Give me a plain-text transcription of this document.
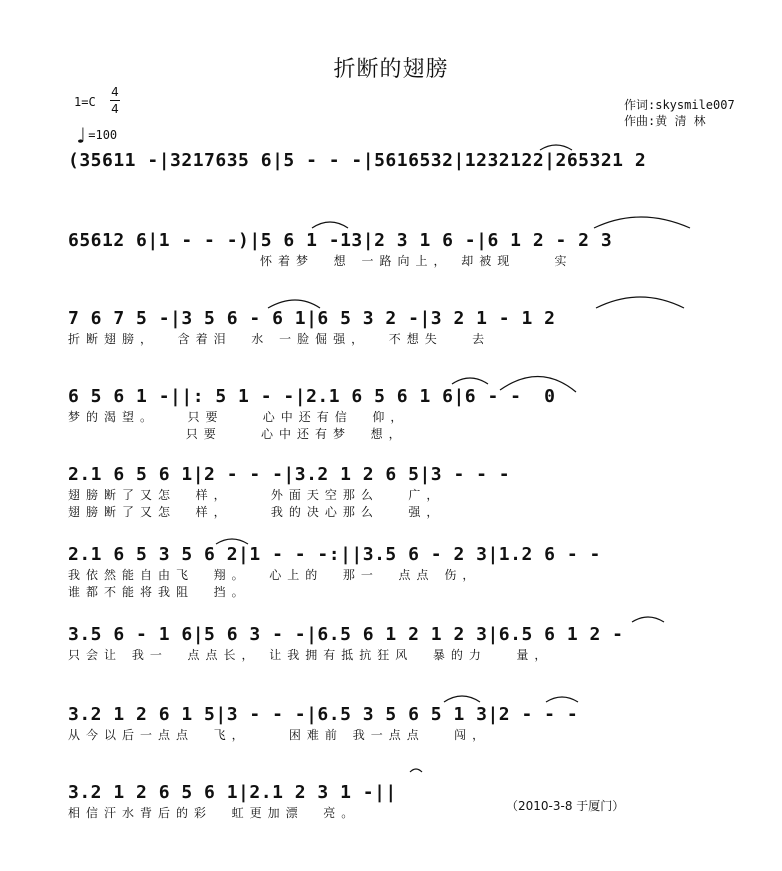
折断的翅膀
1=C
4
4
♩=100
作词:skysmile007
作曲:黄 清 林
(35611 -|3217635 6|5 - - -|5616532|1232122|265321 2
65612 6|1 - - -)|5 6 1 -13|2 3 1 6 -|6 1 2 - 2 3
怀着梦  想 一路向上， 却被现    实
7 6 7 5 -|3 5 6 - 6 1|6 5 3 2 -|3 2 1 - 1 2
折断翅膀，  含着泪  水 一脸倔强，  不想失   去
6 5 6 1 -||: 5 1 - -|2.1 6 5 6 1 6|6 - -  0
梦的渴望。   只要    心中还有信  仰，
只要    心中还有梦  想，
2.1 6 5 6 1|2 - - -|3.2 1 2 6 5|3 - - -
翅膀断了又怎  样，    外面天空那么   广，
翅膀断了又怎  样，    我的决心那么   强，
2.1 6 5 3 5 6 2|1 - - -:||3.5 6 - 2 3|1.2 6 - -
我依然能自由飞  翔。  心上的  那一  点点 伤，
谁都不能将我阻  挡。
3.5 6 - 1 6|5 6 3 - -|6.5 6 1 2 1 2 3|6.5 6 1 2 -
只会让 我一  点点长， 让我拥有抵抗狂风  暴的力   量，
3.2 1 2 6 1 5|3 - - -|6.5 3 5 6 5 1 3|2 - - -
从今以后一点点  飞，    困难前 我一点点   闯，
3.2 1 2 6 5 6 1|2.1 2 3 1 -||
相信汗水背后的彩  虹更加漂  亮。	（2010-3-8 于厦门）
